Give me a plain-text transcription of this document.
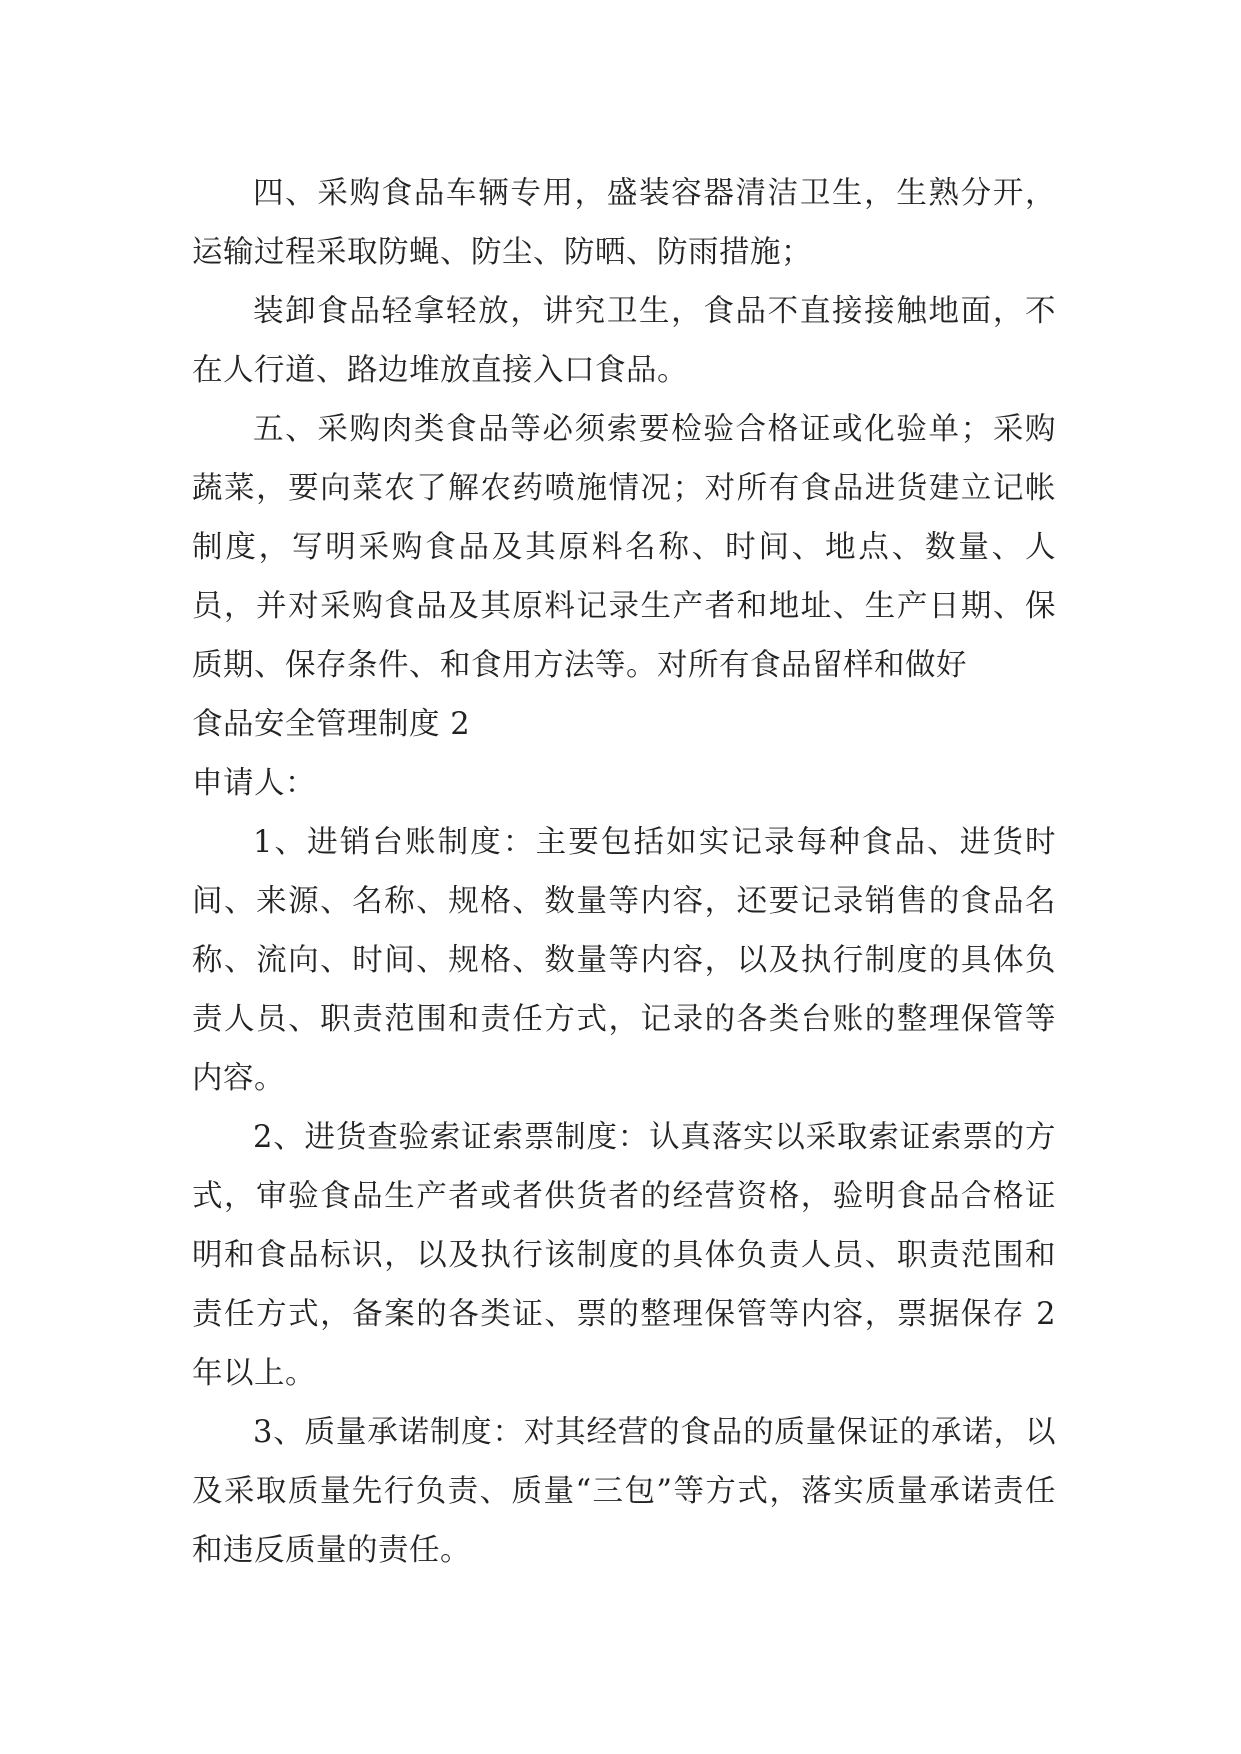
四、采购食品车辆专用，盛装容器清洁卫生，生熟分开，运输过程采取防蝇、防尘、防晒、防雨措施；

装卸食品轻拿轻放，讲究卫生，食品不直接接触地面，不在人行道、路边堆放直接入口食品。

五、采购肉类食品等必须索要检验合格证或化验单；采购蔬菜，要向菜农了解农药喷施情况；对所有食品进货建立记帐制度，写明采购食品及其原料名称、时间、地点、数量、人员，并对采购食品及其原料记录生产者和地址、生产日期、保质期、保存条件、和食用方法等。对所有食品留样和做好

食品安全管理制度 2

申请人：

1、进销台账制度：主要包括如实记录每种食品、进货时间、来源、名称、规格、数量等内容，还要记录销售的食品名称、流向、时间、规格、数量等内容，以及执行制度的具体负责人员、职责范围和责任方式，记录的各类台账的整理保管等内容。

2、进货查验索证索票制度：认真落实以采取索证索票的方式，审验食品生产者或者供货者的经营资格，验明食品合格证明和食品标识，以及执行该制度的具体负责人员、职责范围和责任方式，备案的各类证、票的整理保管等内容，票据保存 2 年以上。

3、质量承诺制度：对其经营的食品的质量保证的承诺，以及采取质量先行负责、质量“三包”等方式，落实质量承诺责任和违反质量的责任。
